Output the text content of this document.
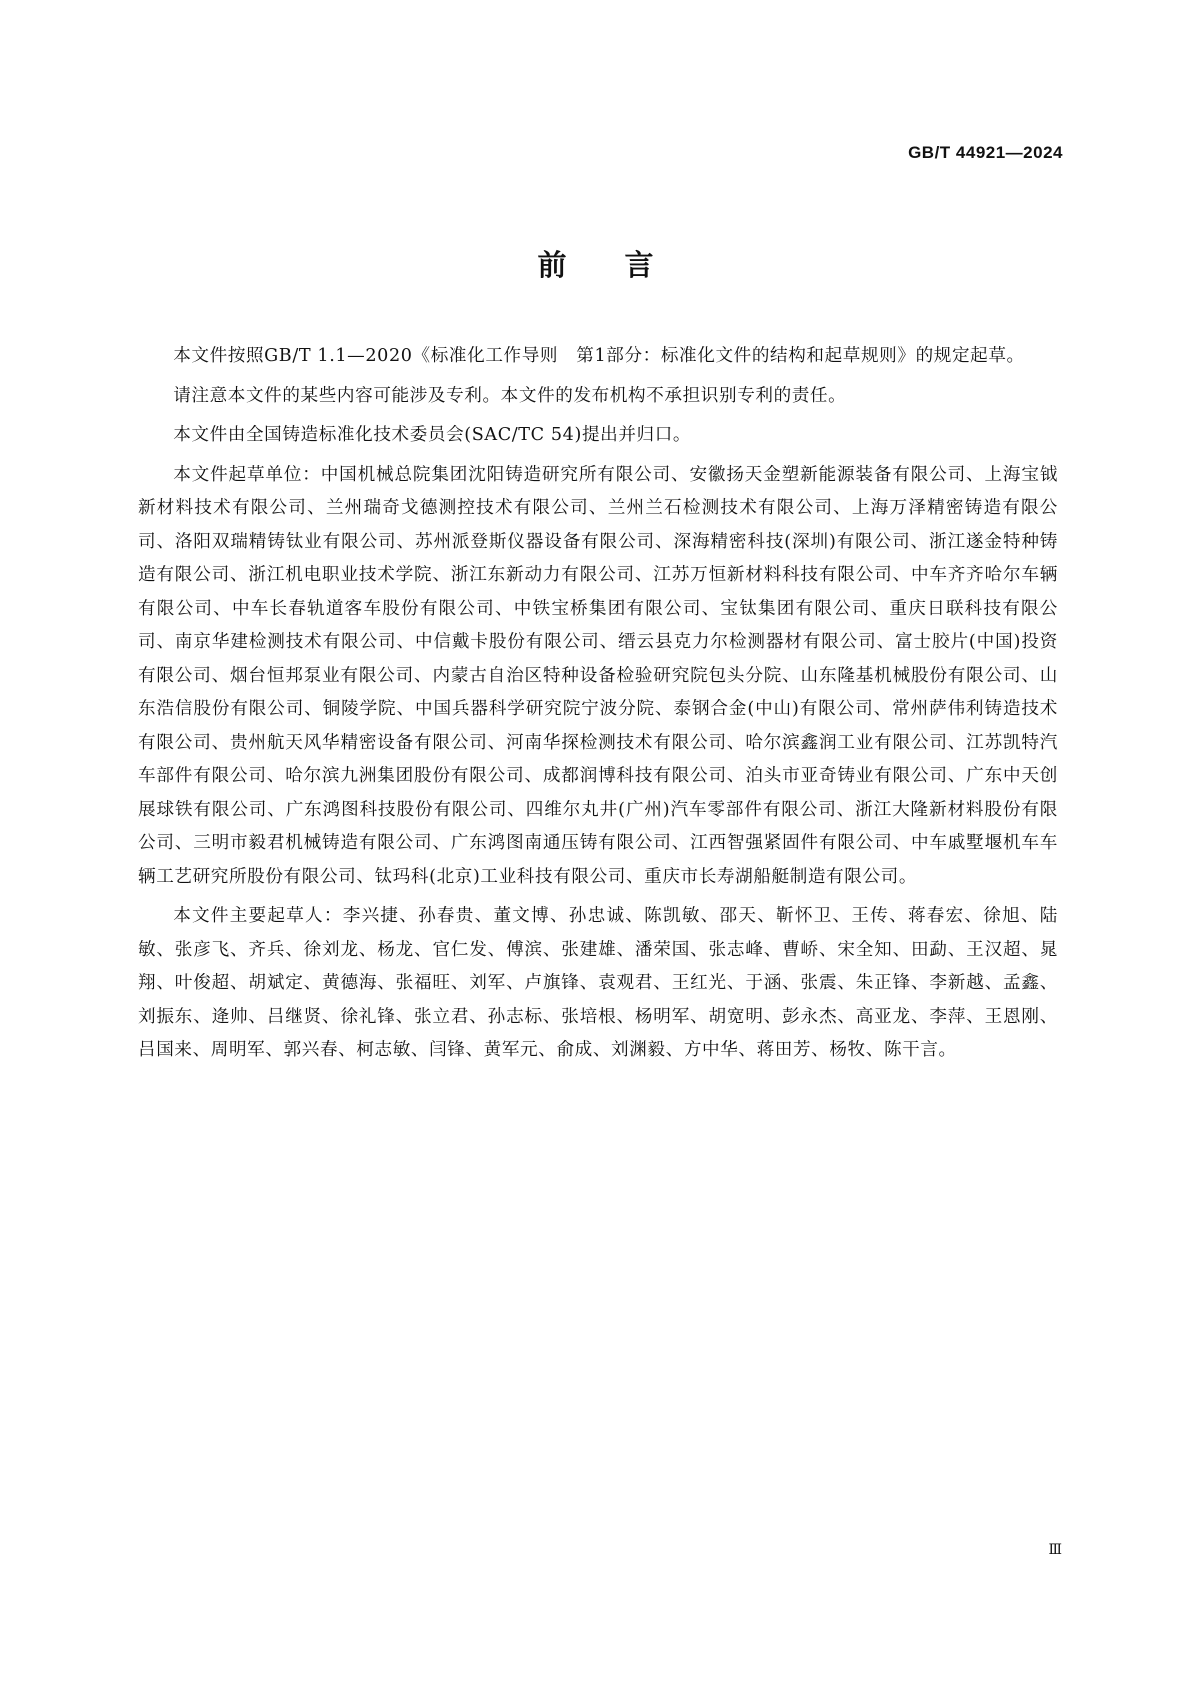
GB/T 44921—2024

前言

本文件按照GB/T 1.1—2020《标准化工作导则　第1部分：标准化文件的结构和起草规则》的规定起草。

请注意本文件的某些内容可能涉及专利。本文件的发布机构不承担识别专利的责任。

本文件由全国铸造标准化技术委员会(SAC/TC 54)提出并归口。

本文件起草单位：中国机械总院集团沈阳铸造研究所有限公司、安徽扬天金塑新能源装备有限公司、上海宝钺新材料技术有限公司、兰州瑞奇戈德测控技术有限公司、兰州兰石检测技术有限公司、上海万泽精密铸造有限公司、洛阳双瑞精铸钛业有限公司、苏州派登斯仪器设备有限公司、深海精密科技(深圳)有限公司、浙江遂金特种铸造有限公司、浙江机电职业技术学院、浙江东新动力有限公司、江苏万恒新材料科技有限公司、中车齐齐哈尔车辆有限公司、中车长春轨道客车股份有限公司、中铁宝桥集团有限公司、宝钛集团有限公司、重庆日联科技有限公司、南京华建检测技术有限公司、中信戴卡股份有限公司、缙云县克力尔检测器材有限公司、富士胶片(中国)投资有限公司、烟台恒邦泵业有限公司、内蒙古自治区特种设备检验研究院包头分院、山东隆基机械股份有限公司、山东浩信股份有限公司、铜陵学院、中国兵器科学研究院宁波分院、泰钢合金(中山)有限公司、常州萨伟利铸造技术有限公司、贵州航天风华精密设备有限公司、河南华探检测技术有限公司、哈尔滨鑫润工业有限公司、江苏凯特汽车部件有限公司、哈尔滨九洲集团股份有限公司、成都润博科技有限公司、泊头市亚奇铸业有限公司、广东中天创展球铁有限公司、广东鸿图科技股份有限公司、四维尔丸井(广州)汽车零部件有限公司、浙江大隆新材料股份有限公司、三明市毅君机械铸造有限公司、广东鸿图南通压铸有限公司、江西智强紧固件有限公司、中车戚墅堰机车车辆工艺研究所股份有限公司、钛玛科(北京)工业科技有限公司、重庆市长寿湖船艇制造有限公司。

本文件主要起草人：李兴捷、孙春贵、董文博、孙忠诚、陈凯敏、邵天、靳怀卫、王传、蒋春宏、徐旭、陆敏、张彦飞、齐兵、徐刘龙、杨龙、官仁发、傅滨、张建雄、潘荣国、张志峰、曹峤、宋全知、田勐、王汉超、晁翔、叶俊超、胡斌定、黄德海、张福旺、刘军、卢旗锋、袁观君、王红光、于涵、张震、朱正锋、李新越、孟鑫、刘振东、逄帅、吕继贤、徐礼锋、张立君、孙志标、张培根、杨明军、胡宽明、彭永杰、高亚龙、李萍、王恩刚、吕国来、周明军、郭兴春、柯志敏、闫锋、黄军元、俞成、刘渊毅、方中华、蒋田芳、杨牧、陈干言。

Ⅲ
